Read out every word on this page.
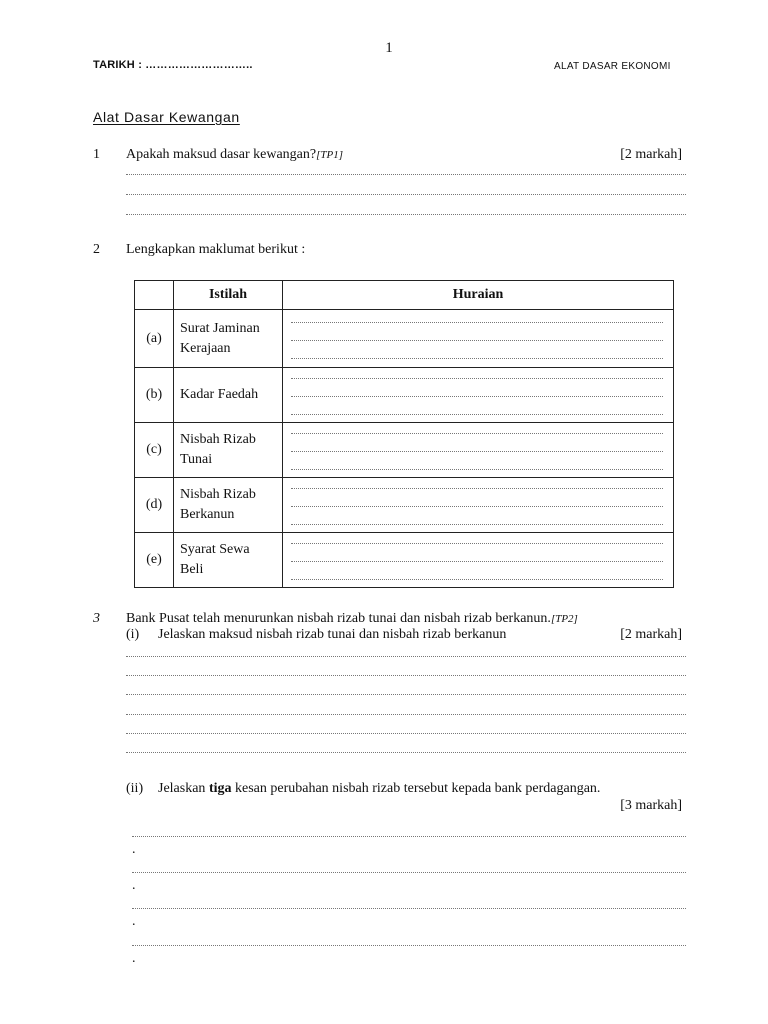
1
TARIKH : ………………………..	ALAT DASAR EKONOMI
Alat Dasar Kewangan
1 Apakah maksud dasar kewangan?[TP1]	[2 markah]
2 Lengkapkan maklumat berikut :
	Istilah	Huraian
(a)	Surat Jaminan
Kerajaan	

(b)	Kadar Faedah	

(c)	Nisbah Rizab
Tunai	

(d)	Nisbah Rizab
Berkanun	

(e)	Syarat Sewa
Beli	
3 Bank Pusat telah menurunkan nisbah rizab tunai dan nisbah rizab berkanun.[TP2]
(i) Jelaskan maksud nisbah rizab tunai dan nisbah rizab berkanun	[2 markah]
(ii) Jelaskan tiga kesan perubahan nisbah rizab tersebut kepada bank perdagangan.
[3 markah]
.
.
.
.
